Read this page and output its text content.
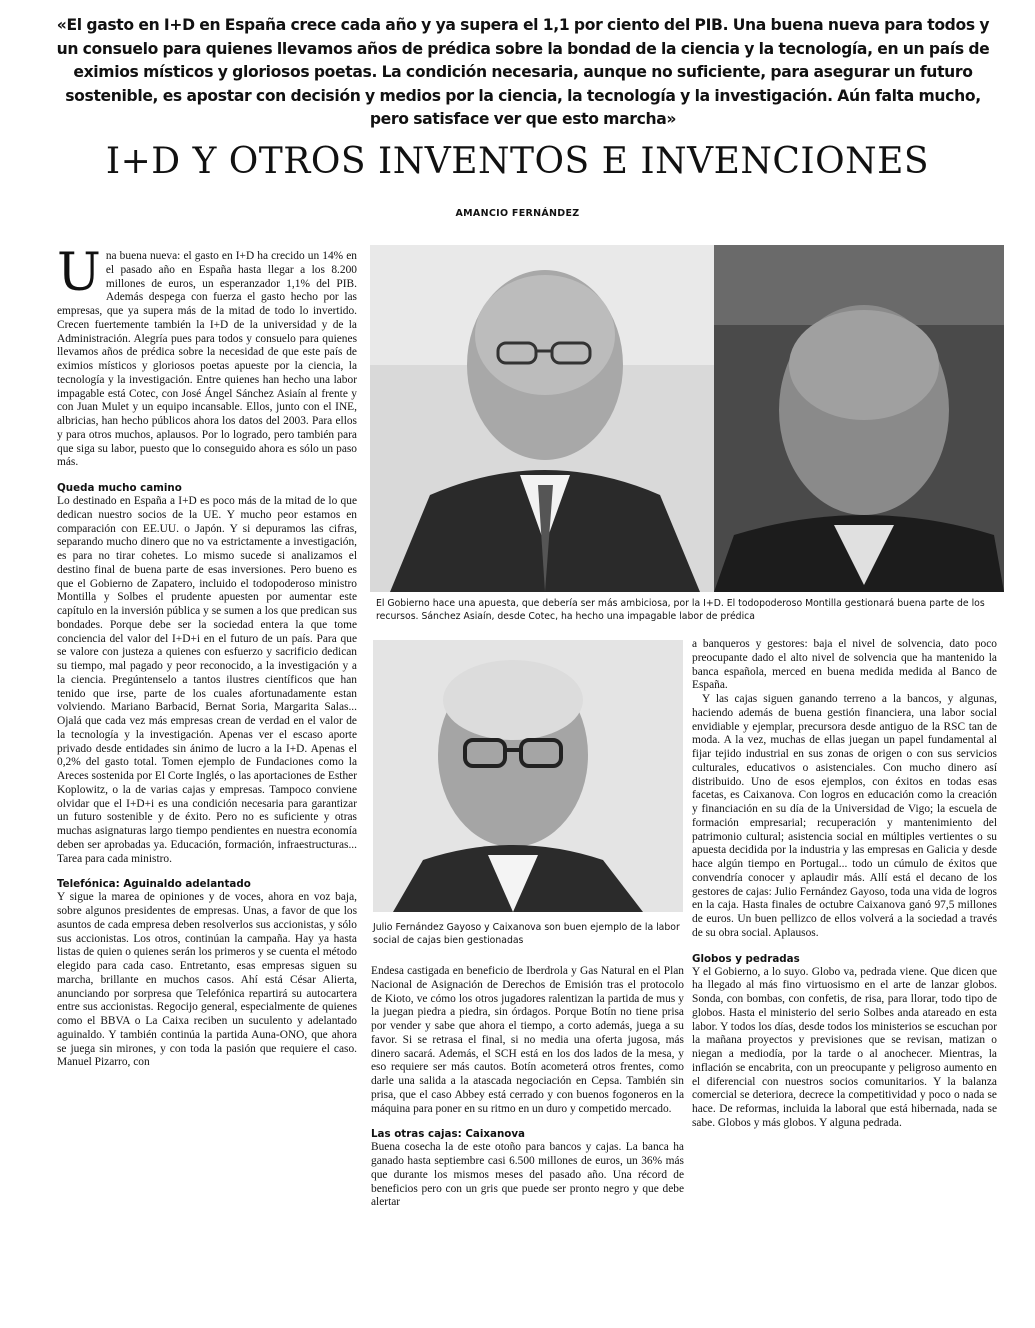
«El gasto en I+D en España crece cada año y ya supera el 1,1 por ciento del PIB. Una buena nueva para todos y un consuelo para quienes llevamos años de prédica sobre la bondad de la ciencia y la tecnología, en un país de eximios místicos y gloriosos poetas. La condición necesaria, aunque no suficiente, para asegurar un futuro sostenible, es apostar con decisión y medios por la ciencia, la tecnología y la investigación. Aún falta mucho, pero satisface ver que esto marcha»
I+D Y OTROS INVENTOS E INVENCIONES
AMANCIO FERNÁNDEZ

Una buena nueva: el gasto en I+D ha crecido un 14% en el pasado año en España hasta llegar a los 8.200 millones de euros, un esperanzador 1,1% del PIB. Además despega con fuerza el gasto hecho por las empresas, que ya supera más de la mitad de todo lo invertido. Crecen fuertemente también la I+D de la universidad y de la Administración. Alegría pues para todos y consuelo para quienes llevamos años de prédica sobre la necesidad de que este país de eximios místicos y gloriosos poetas apueste por la ciencia, la tecnología y la investigación. Entre quienes han hecho una labor impagable está Cotec, con José Ángel Sánchez Asiaín al frente y con Juan Mulet y un equipo incansable. Ellos, junto con el INE, albricias, han hecho públicos ahora los datos del 2003. Para ellos y para otros muchos, aplausos. Por lo logrado, pero también para que siga su labor, puesto que lo conseguido ahora es sólo un paso más.

Queda mucho camino

Lo destinado en España a I+D es poco más de la mitad de lo que dedican nuestro socios de la UE. Y mucho peor estamos en comparación con EE.UU. o Japón. Y si depuramos las cifras, separando mucho dinero que no va estrictamente a investigación, es para no tirar cohetes. Lo mismo sucede si analizamos el destino final de buena parte de esas inversiones. Pero bueno es que el Gobierno de Zapatero, incluido el todopoderoso ministro Montilla y Solbes el prudente apuesten por aumentar este capítulo en la inversión pública y se sumen a los que predican sus bondades. Porque debe ser la sociedad entera la que tome conciencia del valor del I+D+i en el futuro de un país. Para que se valore con justeza a quienes con esfuerzo y sacrificio dedican su tiempo, mal pagado y peor reconocido, a la investigación y a la ciencia. Pregúntenselo a tantos ilustres científicos que han tenido que irse, parte de los cuales afortunadamente estan volviendo. Mariano Barbacid, Bernat Soria, Margarita Salas... Ojalá que cada vez más empresas crean de verdad en el valor de la tecnología y la investigación. Apenas ver el escaso aporte privado desde entidades sin ánimo de lucro a la I+D. Apenas el 0,2% del gasto total. Tomen ejemplo de Fundaciones como la Areces sostenida por El Corte Inglés, o las aportaciones de Esther Koplowitz, o la de varias cajas y empresas. Tampoco conviene olvidar que el I+D+i es una condición necesaria para garantizar un futuro sostenible y de éxito. Pero no es suficiente y otras muchas asignaturas largo tiempo pendientes en nuestra economía deben ser aprobadas ya. Educación, formación, infraestructuras... Tarea para cada ministro.

Telefónica: Aguinaldo adelantado

Y sigue la marea de opiniones y de voces, ahora en voz baja, sobre algunos presidentes de empresas. Unas, a favor de que los asuntos de cada empresa deben resolverlos sus accionistas, y sólo sus accionistas. Los otros, continúan la campaña. Hay ya hasta listas de quien o quienes serán los primeros y se cuenta el método elegido para cada caso. Entretanto, esas empresas siguen su marcha, brillante en muchos casos. Ahí está César Alierta, anunciando por sorpresa que Telefónica repartirá su autocartera entre sus accionistas. Regocijo general, especialmente de quienes como el BBVA o La Caixa reciben un suculento y adelantado aguinaldo. Y también continúa la partida Auna-ONO, que ahora se juega sin mirones, y con toda la pasión que requiere el caso. Manuel Pizarro, con

El Gobierno hace una apuesta, que debería ser más ambiciosa, por la I+D. El todopoderoso Montilla gestionará buena parte de los recursos. Sánchez Asiaín, desde Cotec, ha hecho una impagable labor de prédica
Julio Fernández Gayoso y Caixanova son buen ejemplo de la labor social de cajas bien gestionadas

Endesa castigada en beneficio de Iberdrola y Gas Natural en el Plan Nacional de Asignación de Derechos de Emisión tras el protocolo de Kioto, ve cómo los otros jugadores ralentizan la partida de mus y la juegan piedra a piedra, sin órdagos. Porque Botín no tiene prisa por vender y sabe que ahora el tiempo, a corto además, juega a su favor. Si se retrasa el final, si no media una oferta jugosa, más dinero sacará. Además, el SCH está en los dos lados de la mesa, y eso requiere ser más cautos. Botín acometerá otros frentes, como darle una salida a la atascada negociación en Cepsa. También sin prisa, que el caso Abbey está cerrado y con buenos fogoneros en la máquina para poner en su ritmo en un duro y competido mercado.

Las otras cajas: Caixanova

Buena cosecha la de este otoño para bancos y cajas. La banca ha ganado hasta septiembre casi 6.500 millones de euros, un 36% más que durante los mismos meses del pasado año. Una récord de beneficios pero con un gris que puede ser pronto negro y que debe alertar

a banqueros y gestores: baja el nivel de solvencia, dato poco preocupante dado el alto nivel de solvencia que ha mantenido la banca española, merced en buena medida medida al Banco de España.

Y las cajas siguen ganando terreno a la bancos, y algunas, haciendo además de buena gestión financiera, una labor social envidiable y ejemplar, precursora desde antiguo de la RSC tan de moda. A la vez, muchas de ellas juegan un papel fundamental al fijar tejido industrial en sus zonas de origen o con sus servicios culturales, educativos o asistenciales. Con mucho dinero así distribuido. Uno de esos ejemplos, con éxitos en todas esas facetas, es Caixanova. Con logros en educación como la creación y financiación en su día de la Universidad de Vigo; la escuela de formación empresarial; recuperación y mantenimiento del patrimonio cultural; asistencia social en múltiples vertientes o su apuesta decidida por la industria y las empresas en Galicia y desde hace algún tiempo en Portugal... todo un cúmulo de éxitos que convendría conocer y aplaudir más. Allí está el decano de los gestores de cajas: Julio Fernández Gayoso, toda una vida de logros en la caja. Hasta finales de octubre Caixanova ganó 97,5 millones de euros. Un buen pellizco de ellos volverá a la sociedad a través de su obra social. Aplausos.

Globos y pedradas

Y el Gobierno, a lo suyo. Globo va, pedrada viene. Que dicen que ha llegado al más fino virtuosismo en el arte de lanzar globos. Sonda, con bombas, con confetis, de risa, para llorar, todo tipo de globos. Hasta el ministerio del serio Solbes anda atareado en esta labor. Y todos los días, desde todos los ministerios se escuchan por la mañana proyectos y previsiones que se revisan, matizan o niegan a mediodía, por la tarde o al anochecer. Mientras, la inflación se encabrita, con un preocupante y peligroso aumento en el diferencial con nuestros socios comunitarios. Y la balanza comercial se deteriora, decrece la competitividad y poco o nada se hace. De reformas, incluida la laboral que está hibernada, nada se sabe. Globos y más globos. Y alguna pedrada.
